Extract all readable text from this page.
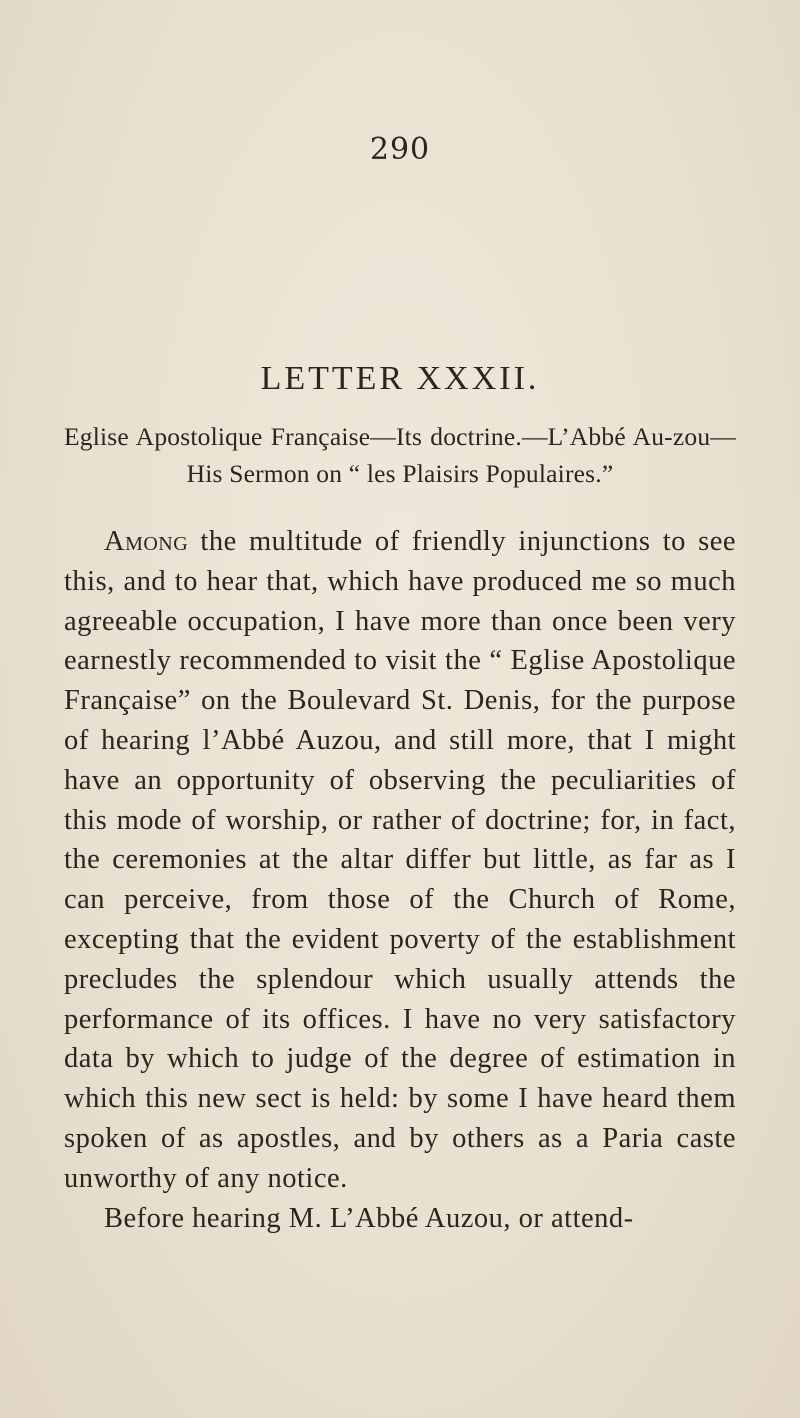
290
LETTER XXXII.
Eglise Apostolique Française—Its doctrine.—L’Abbé Au-zou—His Sermon on “ les Plaisirs Populaires.”

Among the multitude of friendly injunctions to see this, and to hear that, which have produced me so much agreeable occupation, I have more than once been very earnestly recommended to visit the “ Eglise Apostolique Française” on the Boulevard St. Denis, for the purpose of hearing l’Abbé Auzou, and still more, that I might have an opportunity of observing the peculiarities of this mode of worship, or rather of doctrine; for, in fact, the ceremonies at the altar differ but little, as far as I can perceive, from those of the Church of Rome, excepting that the evident poverty of the establishment precludes the splendour which usually attends the performance of its offices. I have no very satisfactory data by which to judge of the degree of estimation in which this new sect is held: by some I have heard them spoken of as apostles, and by others as a Paria caste unworthy of any notice.

Before hearing M. L’Abbé Auzou, or attend-
